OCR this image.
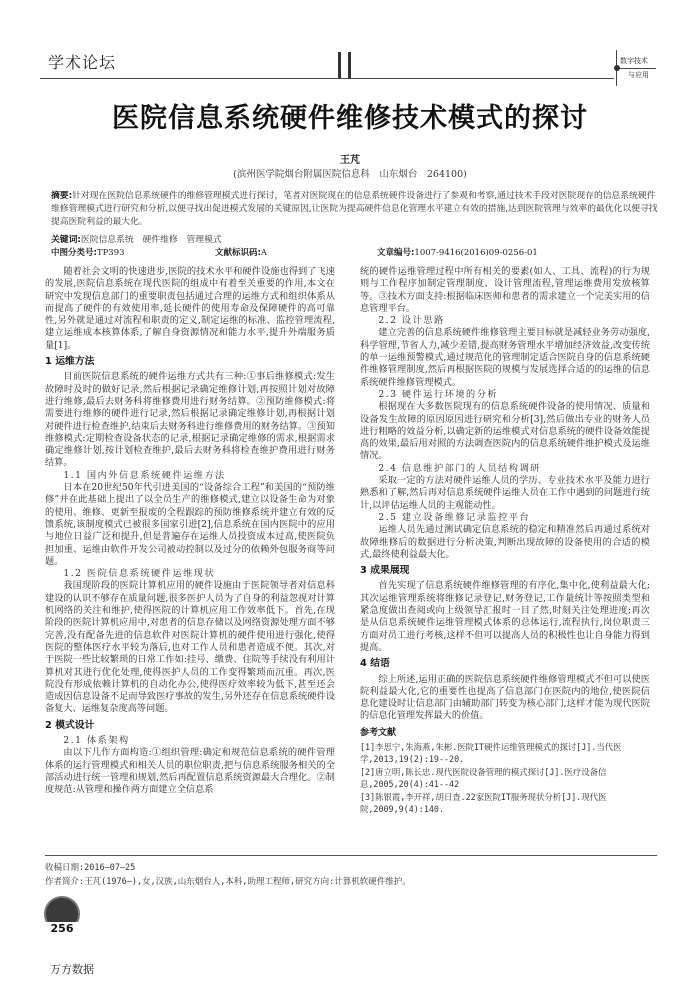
学术论坛	数字技术
与应用
医院信息系统硬件维修技术模式的探讨
王芃
(滨州医学院烟台附属医院信息科　山东烟台　264100)
摘要:针对现在医院信息系统硬件的维修管理模式进行探讨，笔者对医院现在的信息系统硬件设备进行了参观和考察,通过技术手段对医院现存的信息系统硬件维修管理模式进行研究和分析,以便寻找出促进模式发展的关键原因,让医院为提高硬件信息化管理水平建立有效的措施,达到医院管理与效率的最优化以便寻找提高医院利益的最大化。
关键词:医院信息系统　硬件维修　管理模式
中图分类号:TP393	文献标识码:A	文章编号:1007-9416(2016)09-0256-01

随着社会文明的快速进步,医院的技术水平和硬件设施也得到了飞速的发展,医院信息系统在现代医院的组成中有着至关重要的作用,本文在研究中发现信息部门的重要职责包括通过合理的运维方式和组织体系从而提高了硬件的有效使用率,延长硬件的使用寿命及保障硬件的高可靠性,另外就是通过对流程和职责的定义,制定运维的标准、监控管理流程,建立运维成本核算体系,了解自身资源情况和能力水平,提升外端服务质量[1]。

1 运维方法

目前医院信息系统的硬件运维方式共有三种:①事后维修模式:发生故障时及时的做好记录,然后根据记录确定维修计划,再按照计划对故障进行维修,最后去财务科将维修费用进行财务结算。②预防维修模式:将需要进行维修的硬件进行记录,然后根据记录确定维修计划,再根据计划对硬件进行检查维护,结束后去财务科进行维修费用的财务结算。③预知维修模式:定期检查设备状态的记录,根据记录确定维修的需求,根据需求确定维修计划,按计划检查维护,最后去财务科将检查维护费用进行财务结算。

1.1 国内外信息系统硬件运维方法

日本在20世纪50年代引进美国的“设备综合工程”和美国的“预防维修”并在此基础上提出了以全员生产的维修模式,建立以设备生命为对象的使用、维修、更新至报废的全程跟踪的预防维修系统并建立有效的反馈系统,该制度模式已被很多国家引进[2],信息系统在国内医院中的应用与地位日益广泛和提升,但是普遍存在运维人员投资成本过高,使医院负担加重、运维由软件开发公司被动控制以及过分的依赖外包服务商等问题。

1.2 医院信息系统硬件运维现状

我国现阶段的医院计算机应用的硬件设施由于医院领导者对信息科建设的认识不够存在质量问题,很多医护人员为了自身的利益忽视对计算机网络的关注和维护,使得医院的计算机应用工作效率低下。首先,在现阶段的医院计算机应用中,对患者的信息存储以及网络资源处理方面不够完善,没有配备先进的信息软件对医院计算机的硬件使用进行强化,使得医院的整体医疗水平较为落后,也对工作人员和患者造成不便。其次,对于医院一些比较繁琐的日常工作如:挂号、缴费、住院等手续没有利用计算机对其进行优化处理,使得医护人员的工作变得繁琐而沉重。再次,医院没有形成依赖计算机的自动化办公,使得医疗效率较为低下,甚至还会造成因信息设备不足而导致医疗事故的发生,另外还存在信息系统硬件设备复大、运维复杂度高等问题。

2 模式设计
2.1 体系架构

由以下几作方面构造:①组织管理:确定和规范信息系统的硬件管理体系的运行管理模式和相关人员的职位职责,把与信息系统服务相关的全部活动进行统一管理和规划,然后再配置信息系统资源最大合理化。②制度规范:从管理和操作两方面建立全信息系

统的硬件运维管理过程中所有相关的要素(如人、工具、流程)的行为规则与工作程序加制定管理制度、设计管理流程,管理运维费用发放核算等。③技术方面支持:根据临床医师和患者的需求建立一个完美实用的信息管理平台。

2.2 设计思路

建立完善的信息系统硬件维修管理主要目标就是减轻业务劳动强度,科学管理,节省人力,减少差错,提高财务管理水平增加经济效益,改变传统的单一运维预警模式,通过规范化的管理制定适合医院自身的信息系统硬件维修管理制度,然后再根据医院的规模与发展选择合适的的运维的信息系统硬件维修管理模式。

2.3 硬件运行环境的分析

根据现在大多数医院现有的信息系统硬件设备的使用情况、质量和设备发生故障的原因原因进行研究和分析[3],然后做出专业的财务人员进行粗略的效益分析,以确定新的运维模式对信息系统的硬件设备效能提高的效果,最后用对照的方法调查医院内的信息系统硬件维护模式及运维情况。

2.4 信息维护部门的人员结构调研

采取一定的方法对硬件运维人员的学历、专业技术水平及能力进行熟悉和了解,然后再对信息系统硬件运维人员在工作中遇到的问题进行统计,以评估运维人员的主观能动性。

2.5 建立设备维修记录监控平台

运维人员先通过测试确定信息系统的稳定和精准然后再通过系统对故障维修后的数据进行分析决策,判断出现故障的设备使用的合适的模式,最终使利益最大化。

3 成果展现

首先实现了信息系统硬件维修管理的有序化,集中化,使利益最大化;其次运维管理系统将维修记录登记,财务登记,工作量统计等按照类型和紧急度做出查阅或向上级领导汇报时一目了然,时刻关注处理进度;再次是从信息系统硬件运维管理模式体系的总体运行,流程执行,岗位职责三方面对员工进行考核,这样不但可以提高人员的积极性也让自身能力得到提高。

4 结语

综上所述,运用正确的医院信息系统硬件维修管理模式不但可以使医院利益最大化,它的重要性也提高了信息部门在医院内的地位,使医院信息化建设时让信息部门由辅助部门转变为核心部门,这样才能为现代医院的信息化管理发挥最大的价值。

参考文献
[1]李思宁,朱海燕,朱彬.医院IT硬件运维管理模式的探讨[J].当代医学,2013,19(2):19--20.
[2]唐立明,陈长忠.现代医院设备管理的模式探讨[J].医疗设备信息,2005,20(4):41--42
[3]陈银霞,李开祥,胡日查.22家医院IT服务现状分析[J].现代医院,2009,9(4):140.
收稿日期:2016—07—25
作者简介:王芃(1976—),女,汉族,山东烟台人,本科,助理工程师,研究方向:计算机软硬件维护。
256
万方数据
